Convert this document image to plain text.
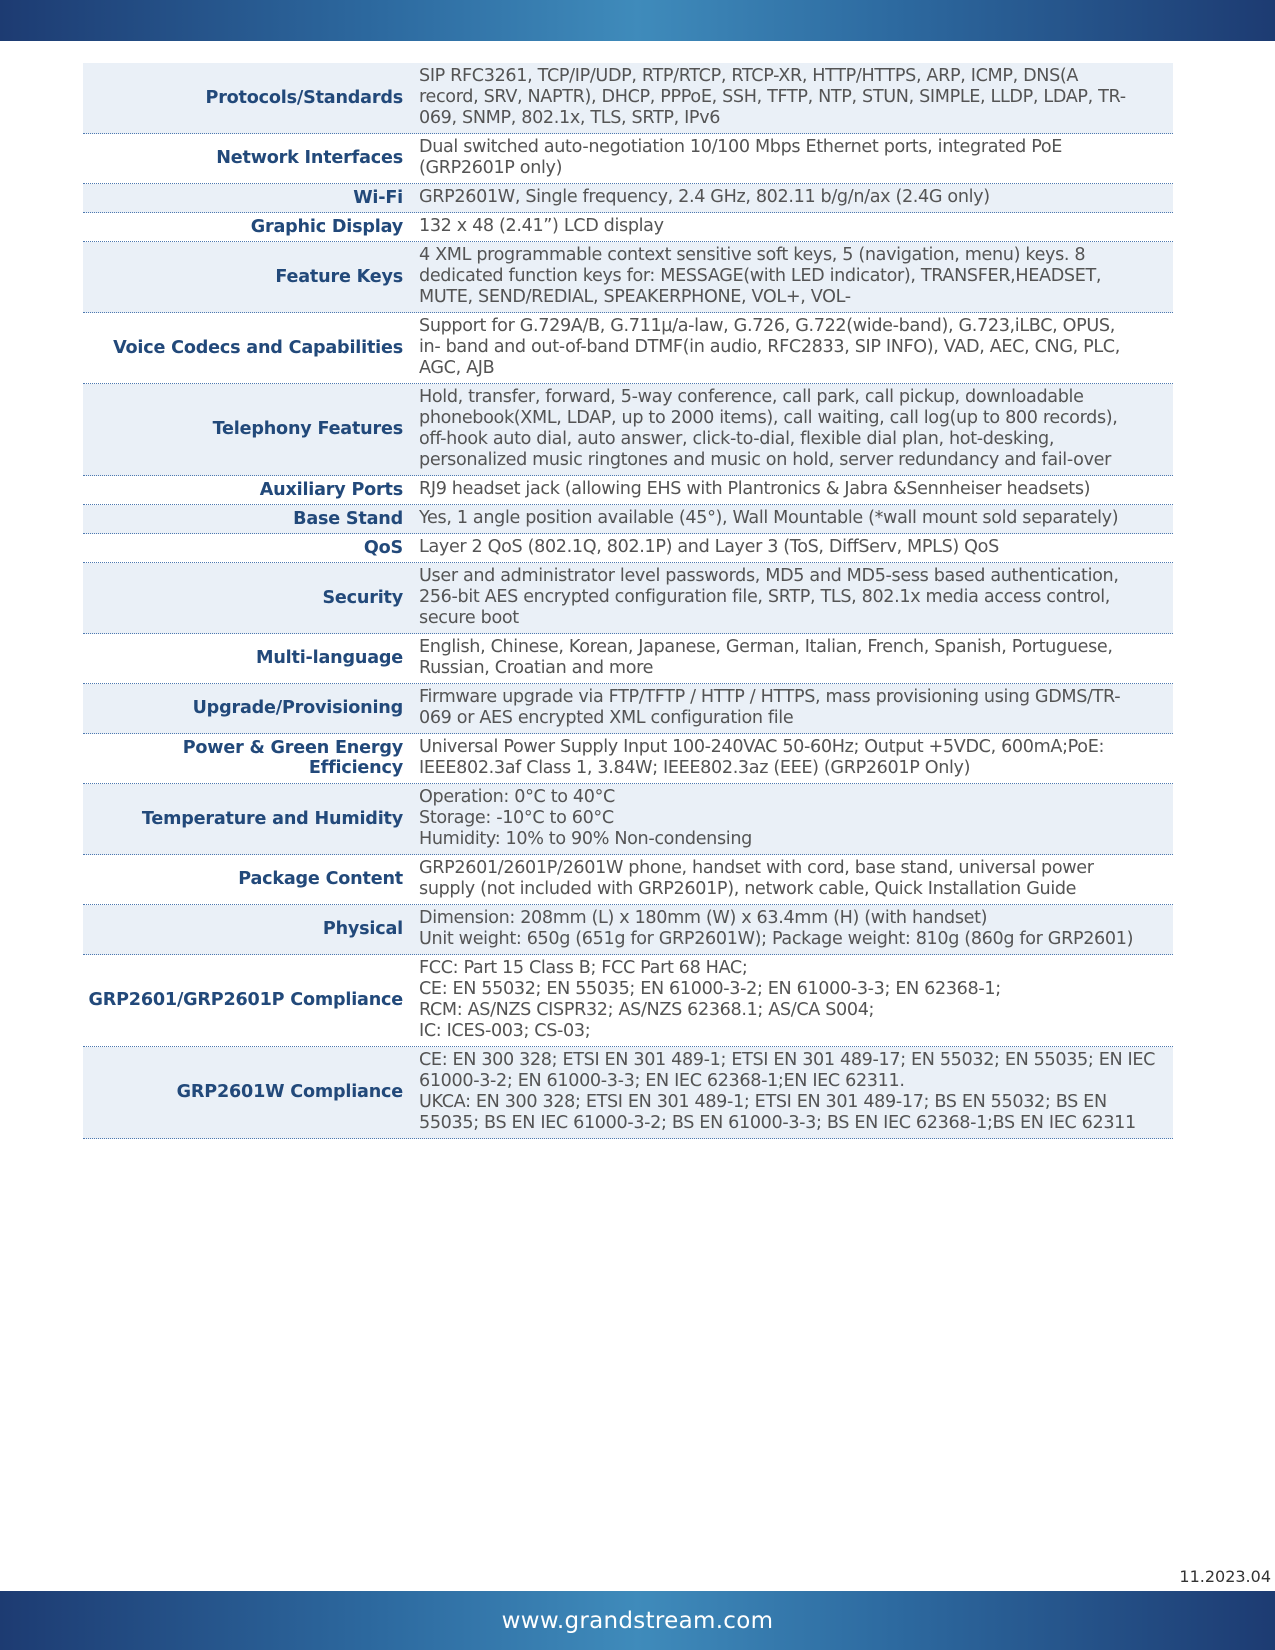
Protocols/Standards
SIP RFC3261, TCP/IP/UDP, RTP/RTCP, RTCP-XR, HTTP/HTTPS, ARP, ICMP, DNS(A
record, SRV, NAPTR), DHCP, PPPoE, SSH, TFTP, NTP, STUN, SIMPLE, LLDP, LDAP, TR-
069, SNMP, 802.1x, TLS, SRTP, IPv6
Network Interfaces
Dual switched auto-negotiation 10/100 Mbps Ethernet ports, integrated PoE
(GRP2601P only)
Wi-Fi GRP2601W, Single frequency, 2.4 GHz, 802.11 b/g/n/ax (2.4G only)
Graphic Display 132 x 48 (2.41”) LCD display
Feature Keys
4 XML programmable context sensitive soft keys, 5 (navigation, menu) keys. 8
dedicated function keys for: MESSAGE(with LED indicator), TRANSFER,HEADSET,
MUTE, SEND/REDIAL, SPEAKERPHONE, VOL+, VOL-
Voice Codecs and Capabilities
Support for G.729A/B, G.711µ/a-law, G.726, G.722(wide-band), G.723,iLBC, OPUS,
in- band and out-of-band DTMF(in audio, RFC2833, SIP INFO), VAD, AEC, CNG, PLC,
AGC, AJB
Telephony Features
Hold, transfer, forward, 5-way conference, call park, call pickup, downloadable
phonebook(XML, LDAP, up to 2000 items), call waiting, call log(up to 800 records),
off-hook auto dial, auto answer, click-to-dial, flexible dial plan, hot-desking,
personalized music ringtones and music on hold, server redundancy and fail-over
Auxiliary Ports RJ9 headset jack (allowing EHS with Plantronics & Jabra &Sennheiser headsets)
Base Stand Yes, 1 angle position available (45°), Wall Mountable (*wall mount sold separately)
QoS Layer 2 QoS (802.1Q, 802.1P) and Layer 3 (ToS, DiffServ, MPLS) QoS
Security
User and administrator level passwords, MD5 and MD5-sess based authentication,
256-bit AES encrypted configuration file, SRTP, TLS, 802.1x media access control,
secure boot
Multi-language
English, Chinese, Korean, Japanese, German, Italian, French, Spanish, Portuguese,
Russian, Croatian and more
Upgrade/Provisioning
Firmware upgrade via FTP/TFTP / HTTP / HTTPS, mass provisioning using GDMS/TR-
069 or AES encrypted XML configuration file
Power & Green Energy Efficiency
Universal Power Supply Input 100-240VAC 50-60Hz; Output +5VDC, 600mA;PoE:
IEEE802.3af Class 1, 3.84W; IEEE802.3az (EEE) (GRP2601P Only)
Temperature and Humidity
Operation: 0°C to 40°C
Storage: -10°C to 60°C
Humidity: 10% to 90% Non-condensing
Package Content
GRP2601/2601P/2601W phone, handset with cord, base stand, universal power
supply (not included with GRP2601P), network cable, Quick Installation Guide
Physical
Dimension: 208mm (L) x 180mm (W) x 63.4mm (H) (with handset)
Unit weight: 650g (651g for GRP2601W); Package weight: 810g (860g for GRP2601)
GRP2601/GRP2601P Compliance
FCC: Part 15 Class B; FCC Part 68 HAC;
CE: EN 55032; EN 55035; EN 61000-3-2; EN 61000-3-3; EN 62368-1;
RCM: AS/NZS CISPR32; AS/NZS 62368.1; AS/CA S004;
IC: ICES-003; CS-03;
GRP2601W Compliance
CE: EN 300 328; ETSI EN 301 489-1; ETSI EN 301 489-17; EN 55032; EN 55035; EN IEC
61000-3-2; EN 61000-3-3; EN IEC 62368-1;EN IEC 62311.
UKCA: EN 300 328; ETSI EN 301 489-1; ETSI EN 301 489-17; BS EN 55032; BS EN
55035; BS EN IEC 61000-3-2; BS EN 61000-3-3; BS EN IEC 62368-1;BS EN IEC 62311
11.2023.04
www.grandstream.com
